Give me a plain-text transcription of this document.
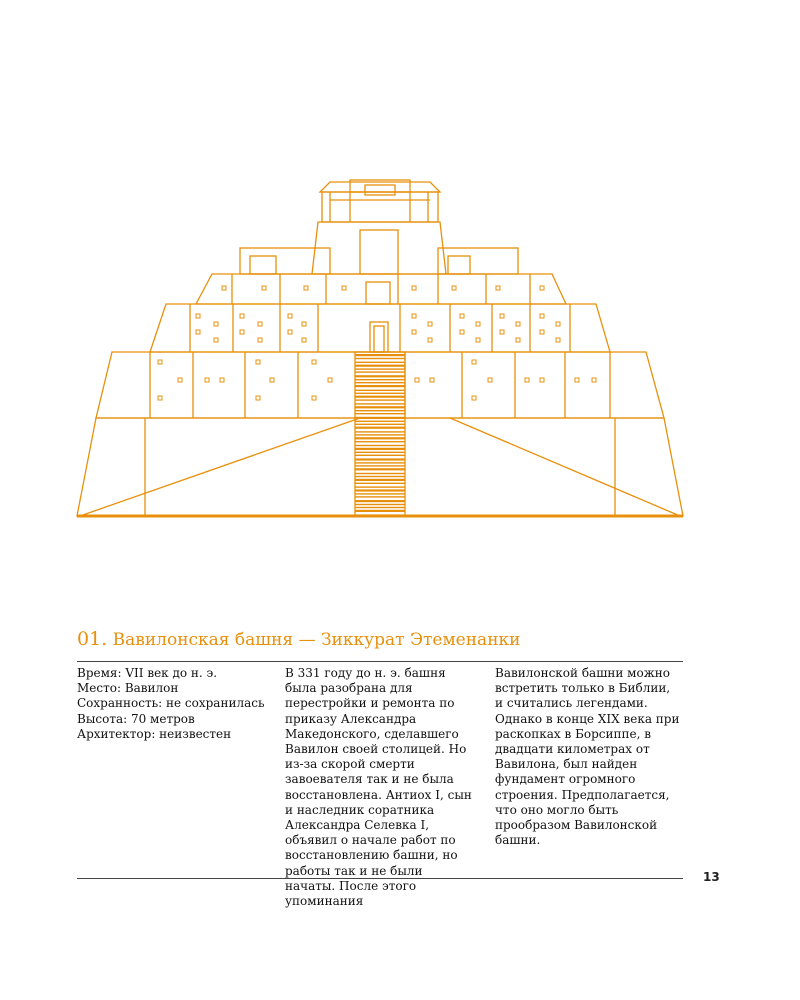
01. Вавилонская башня — Зиккурат Этеменанки
Время: VII век до н. э.
Место: Вавилон
Сохранность: не сохранилась
Высота: 70 метров
Архитектор: неизвестен

В 331 году до н. э. башня была разобрана для перестройки и ремонта по приказу Александра Македонского, сделавшего Вавилон своей столицей. Но из-за скорой смерти завоевателя так и не была восстановлена. Антиох I, сын и наследник соратника Александра Селевка I, объявил о начале работ по восстановлению башни, но работы так и не были начаты. После этого упоминания

Вавилонской башни можно встретить только в Библии, и считались легендами. Однако в конце XIX века при раскопках в Борсиппе, в двадцати километрах от Вавилона, был найден фундамент огромного строения. Предполагается, что оно могло быть прообразом Вавилонской башни.

13
